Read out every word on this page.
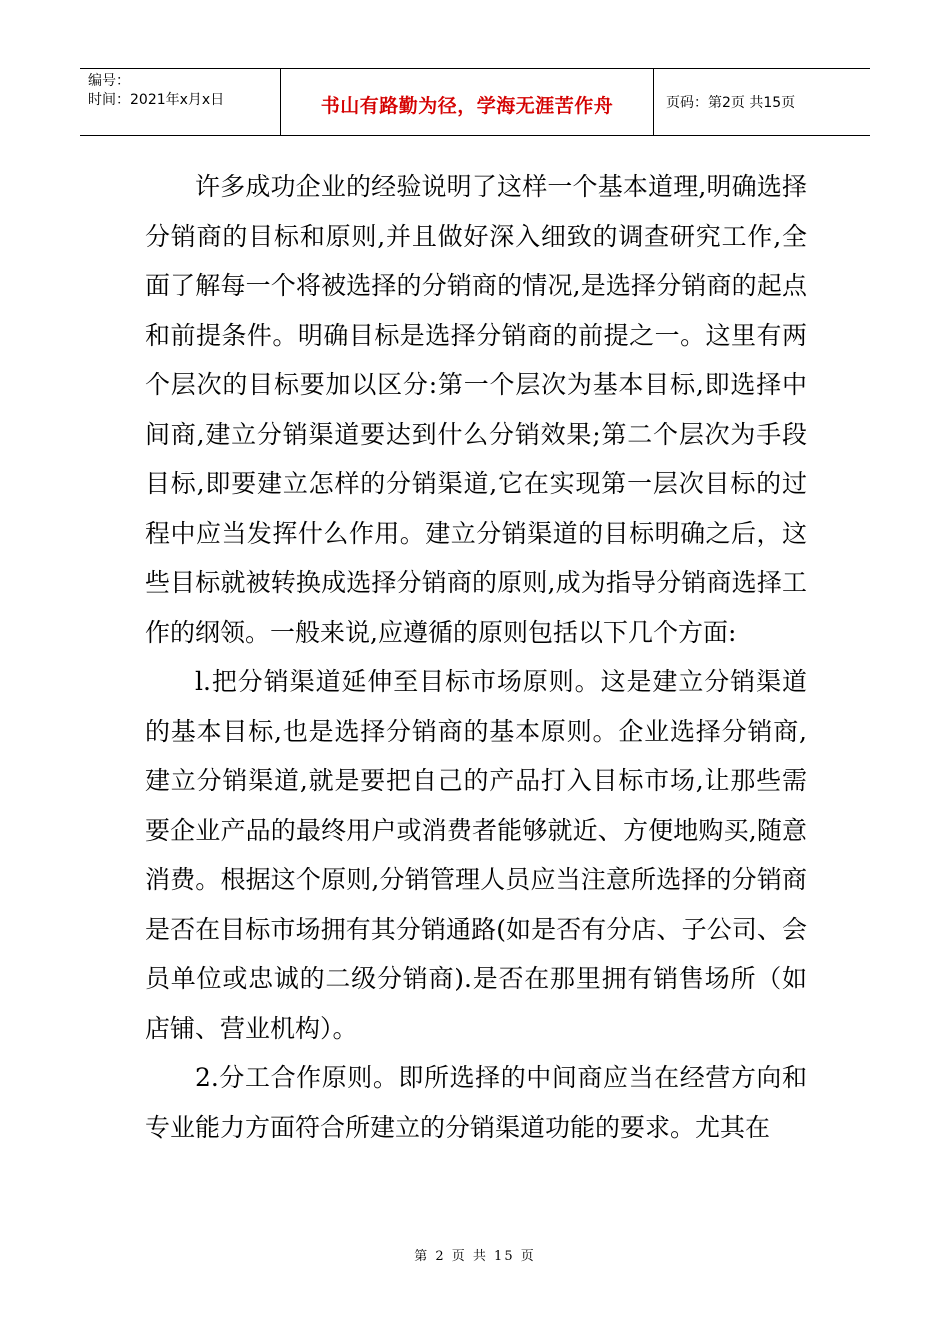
编号：
时间：2021年x月x日	书山有路勤为径，学海无涯苦作舟	页码：第2页 共15页

许多成功企业的经验说明了这样一个基本道理,明确选择分销商的目标和原则,并且做好深入细致的调查研究工作,全面了解每一个将被选择的分销商的情况,是选择分销商的起点和前提条件。明确目标是选择分销商的前提之一。这里有两个层次的目标要加以区分:第一个层次为基本目标,即选择中间商,建立分销渠道要达到什么分销效果;第二个层次为手段目标,即要建立怎样的分销渠道,它在实现第一层次目标的过程中应当发挥什么作用。建立分销渠道的目标明确之后，这些目标就被转换成选择分销商的原则,成为指导分销商选择工作的纲领。一般来说,应遵循的原则包括以下几个方面:

l.把分销渠道延伸至目标市场原则。这是建立分销渠道的基本目标,也是选择分销商的基本原则。企业选择分销商,建立分销渠道,就是要把自己的产品打入目标市场,让那些需要企业产品的最终用户或消费者能够就近、方便地购买,随意消费。根据这个原则,分销管理人员应当注意所选择的分销商是否在目标市场拥有其分销通路(如是否有分店、子公司、会员单位或忠诚的二级分销商).是否在那里拥有销售场所（如店铺、营业机构）。

2.分工合作原则。即所选择的中间商应当在经营方向和专业能力方面符合所建立的分销渠道功能的要求。尤其在

第 2 页 共 15 页
